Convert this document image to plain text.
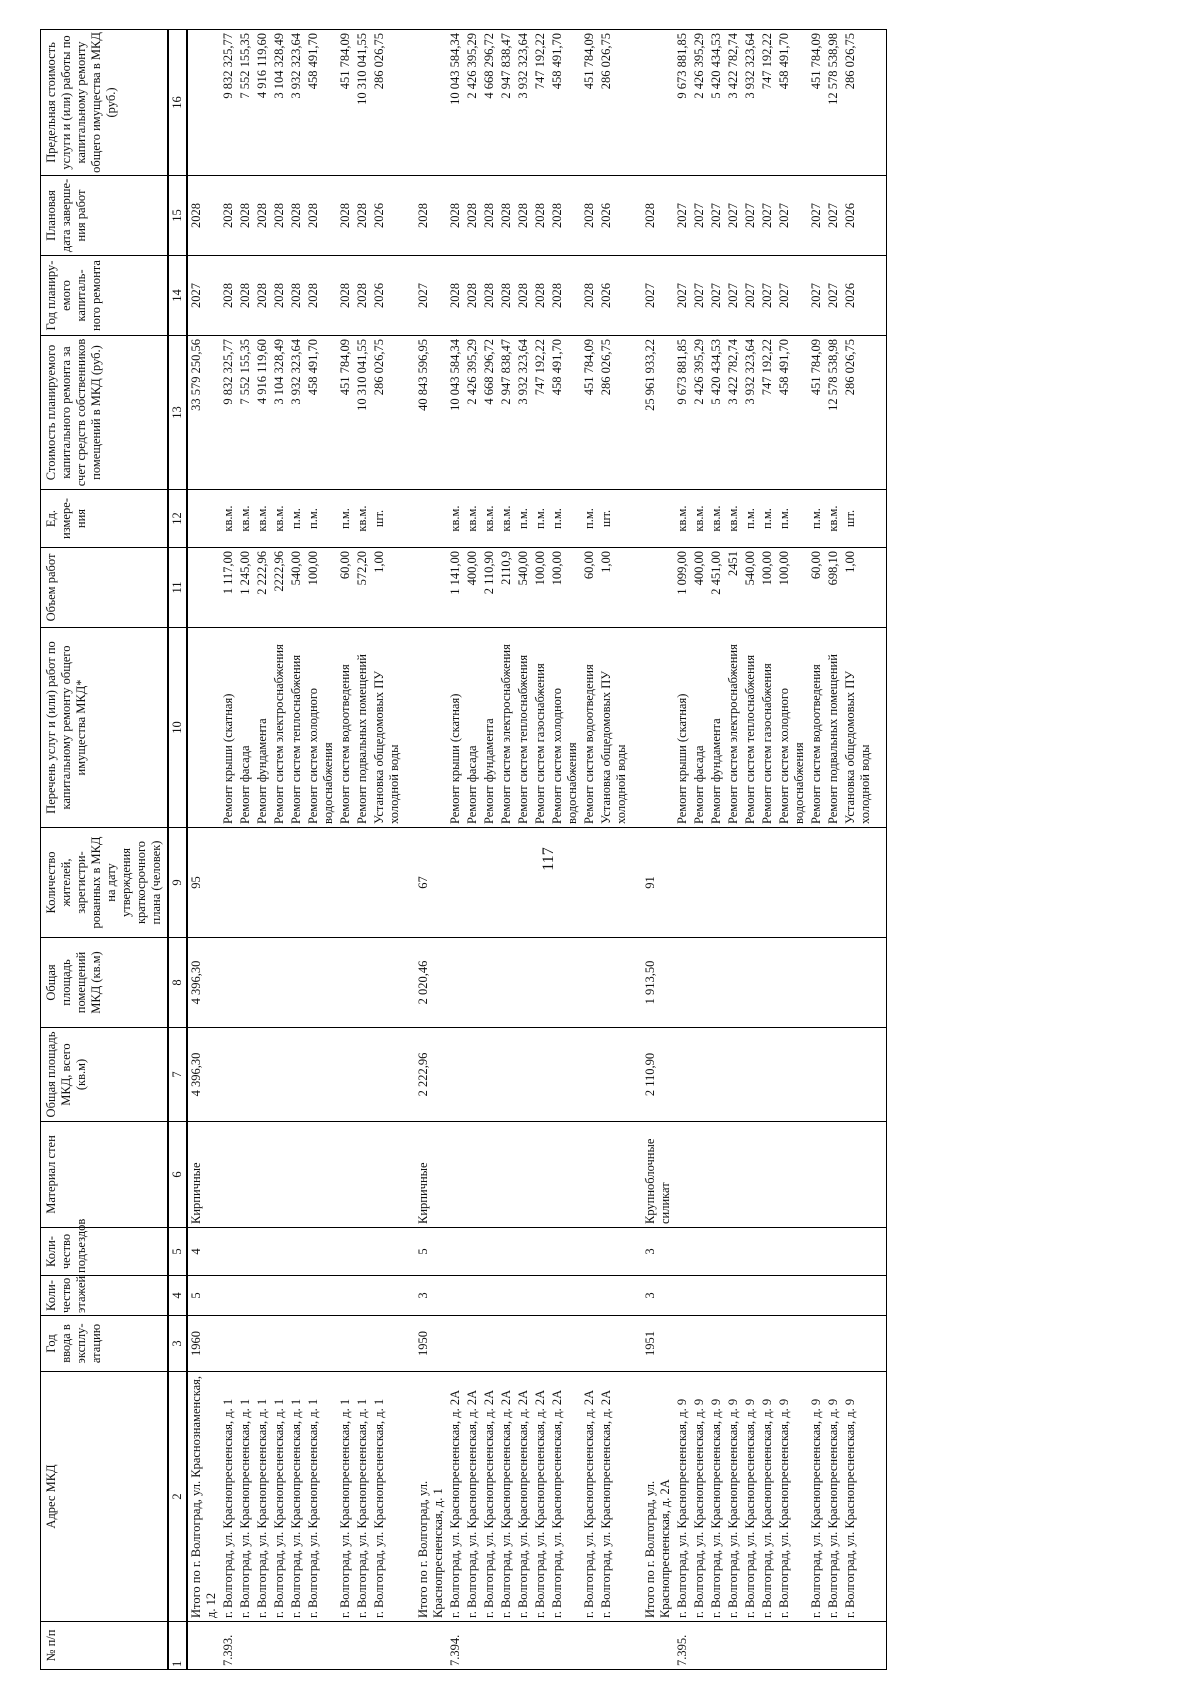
117
№ п/п	Адрес МКД	Год ввода в эксплу-атацию	Коли-чество этажей	Коли-чество подъездов	Материал стен	Общая площадь МКД, всего (кв.м)	Общая площадь помещений МКД (кв.м)	Количество жителей, зарегистри-рованных в МКД на дату утверждения краткосрочного плана (человек)	Перечень услуг и (или) работ по капитальному ремонту общего имущества МКД*	Объем работ	Ед. измере-ния	Стоимость планируемого капитального ремонта за счет средств собственников помещений в МКД (руб.)	Год планиру-емого капиталь-ного ремонта	Плановая дата заверше-ния работ	Предельная стоимость услуги и (или) работы по капитальному ремонту общего имущества в МКД (руб.)
1	2	3	4	5	6	7	8	9	10	11	12	13	14	15	16
	Итого по г. Волгоград, ул. Краснознаменская, д. 12	1960	5	4	Кирпичные	4 396,30	4 396,30	95				33 579 250,56	2027	2028	
7.393.	г. Волгоград, ул. Краснопресненская, д. 1								Ремонт крыши (скатная)	1 117,00	кв.м.	9 832 325,77	2028	2028	9 832 325,77
	г. Волгоград, ул. Краснопресненская, д. 1								Ремонт фасада	1 245,00	кв.м.	7 552 155,35	2028	2028	7 552 155,35
	г. Волгоград, ул. Краснопресненская, д. 1								Ремонт фундамента	2 222,96	кв.м.	4 916 119,60	2028	2028	4 916 119,60
	г. Волгоград, ул. Краснопресненская, д. 1								Ремонт систем электроснабжения	2222,96	кв.м.	3 104 328,49	2028	2028	3 104 328,49
	г. Волгоград, ул. Краснопресненская, д. 1								Ремонт систем теплоснабжения	540,00	п.м.	3 932 323,64	2028	2028	3 932 323,64
	г. Волгоград, ул. Краснопресненская, д. 1								Ремонт систем холодного водоснабжения	100,00	п.м.	458 491,70	2028	2028	458 491,70
	г. Волгоград, ул. Краснопресненская, д. 1								Ремонт систем водоотведения	60,00	п.м.	451 784,09	2028	2028	451 784,09
	г. Волгоград, ул. Краснопресненская, д. 1								Ремонт подвальных помещений	572,20	кв.м.	10 310 041,55	2028	2028	10 310 041,55
	г. Волгоград, ул. Краснопресненская, д. 1								Установка общедомовых ПУ холодной воды	1,00	шт.	286 026,75	2026	2026	286 026,75

	Итого по г. Волгоград, ул. Краснопресненская, д. 1	1950	3	5	Кирпичные	2 222,96	2 020,46	67				40 843 596,95	2027	2028	
7.394.	г. Волгоград, ул. Краснопресненская, д. 2А								Ремонт крыши (скатная)	1 141,00	кв.м.	10 043 584,34	2028	2028	10 043 584,34
	г. Волгоград, ул. Краснопресненская, д. 2А								Ремонт фасада	400,00	кв.м.	2 426 395,29	2028	2028	2 426 395,29
	г. Волгоград, ул. Краснопресненская, д. 2А								Ремонт фундамента	2 110,90	кв.м.	4 668 296,72	2028	2028	4 668 296,72
	г. Волгоград, ул. Краснопресненская, д. 2А								Ремонт систем электроснабжения	2110,9	кв.м.	2 947 838,47	2028	2028	2 947 838,47
	г. Волгоград, ул. Краснопресненская, д. 2А								Ремонт систем теплоснабжения	540,00	п.м.	3 932 323,64	2028	2028	3 932 323,64
	г. Волгоград, ул. Краснопресненская, д. 2А								Ремонт систем газоснабжения	100,00	п.м.	747 192,22	2028	2028	747 192,22
	г. Волгоград, ул. Краснопресненская, д. 2А								Ремонт систем холодного водоснабжения	100,00	п.м.	458 491,70	2028	2028	458 491,70
	г. Волгоград, ул. Краснопресненская, д. 2А								Ремонт систем водоотведения	60,00	п.м.	451 784,09	2028	2028	451 784,09
	г. Волгоград, ул. Краснопресненская, д. 2А								Установка общедомовых ПУ холодной воды	1,00	шт.	286 026,75	2026	2026	286 026,75

	Итого по г. Волгоград, ул. Краснопресненская, д. 2А	1951	3	3	Крупноблочные силикат	2 110,90	1 913,50	91				25 961 933,22	2027	2028	
7.395.	г. Волгоград, ул. Краснопресненская, д. 9								Ремонт крыши (скатная)	1 099,00	кв.м.	9 673 881,85	2027	2027	9 673 881,85
	г. Волгоград, ул. Краснопресненская, д. 9								Ремонт фасада	400,00	кв.м.	2 426 395,29	2027	2027	2 426 395,29
	г. Волгоград, ул. Краснопресненская, д. 9								Ремонт фундамента	2 451,00	кв.м.	5 420 434,53	2027	2027	5 420 434,53
	г. Волгоград, ул. Краснопресненская, д. 9								Ремонт систем электроснабжения	2451	кв.м.	3 422 782,74	2027	2027	3 422 782,74
	г. Волгоград, ул. Краснопресненская, д. 9								Ремонт систем теплоснабжения	540,00	п.м.	3 932 323,64	2027	2027	3 932 323,64
	г. Волгоград, ул. Краснопресненская, д. 9								Ремонт систем газоснабжения	100,00	п.м.	747 192,22	2027	2027	747 192,22
	г. Волгоград, ул. Краснопресненская, д. 9								Ремонт систем холодного водоснабжения	100,00	п.м.	458 491,70	2027	2027	458 491,70
	г. Волгоград, ул. Краснопресненская, д. 9								Ремонт систем водоотведения	60,00	п.м.	451 784,09	2027	2027	451 784,09
	г. Волгоград, ул. Краснопресненская, д. 9								Ремонт подвальных помещений	698,10	кв.м.	12 578 538,98	2027	2027	12 578 538,98
	г. Волгоград, ул. Краснопресненская, д. 9								Установка общедомовых ПУ холодной воды	1,00	шт.	286 026,75	2026	2026	286 026,75
